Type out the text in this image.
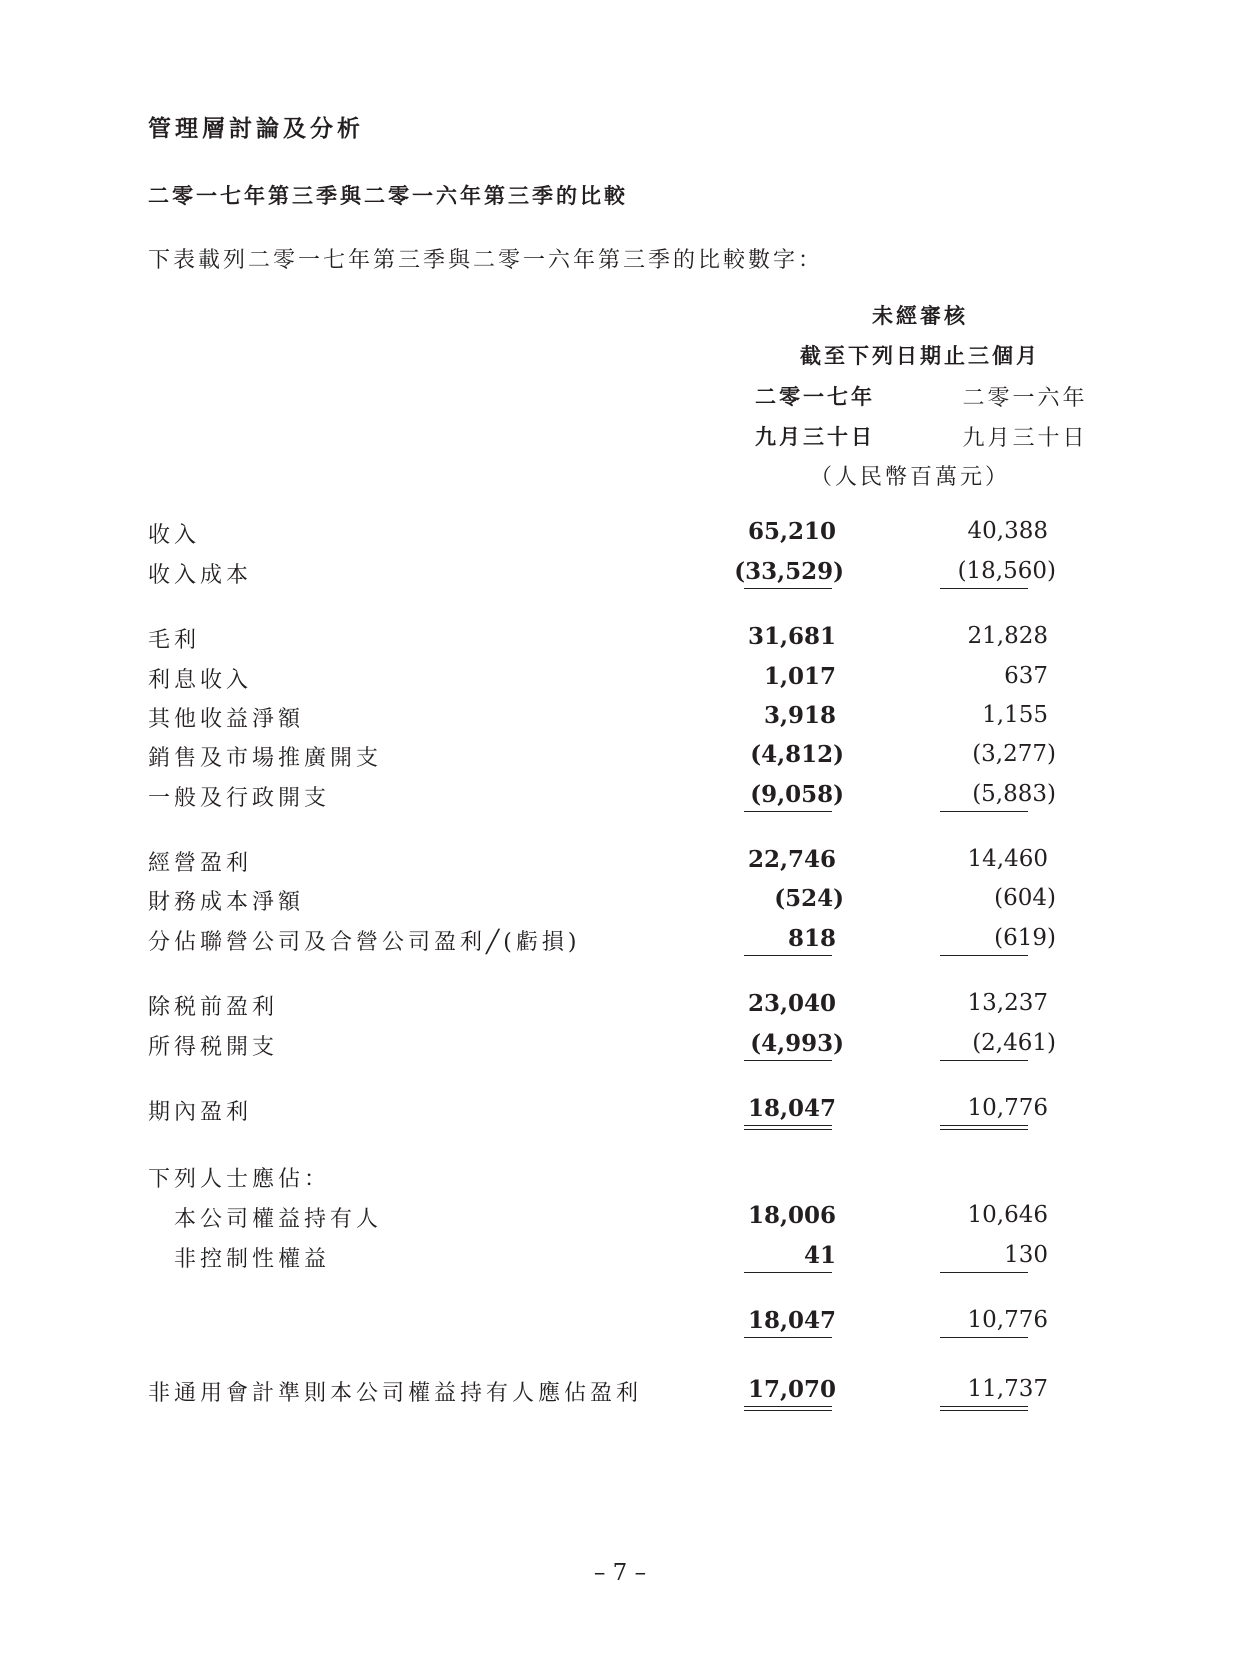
管理層討論及分析
二零一七年第三季與二零一六年第三季的比較
下表載列二零一七年第三季與二零一六年第三季的比較數字：
未經審核
截至下列日期止三個月
二零一七年	二零一六年
九月三十日	九月三十日
（人民幣百萬元）
收入	65,210	40,388
收入成本	(33,529)	(18,560)
毛利	31,681	21,828
利息收入	1,017	637
其他收益淨額	3,918	1,155
銷售及市場推廣開支	(4,812)	(3,277)
一般及行政開支	(9,058)	(5,883)
經營盈利	22,746	14,460
財務成本淨額	(524)	(604)
分佔聯營公司及合營公司盈利╱(虧損)	818	(619)
除税前盈利	23,040	13,237
所得税開支	(4,993)	(2,461)
期內盈利	18,047	10,776
下列人士應佔：
本公司權益持有人	18,006	10,646
非控制性權益	41	130
18,047	10,776
非通用會計準則本公司權益持有人應佔盈利	17,070	11,737
– 7 –
